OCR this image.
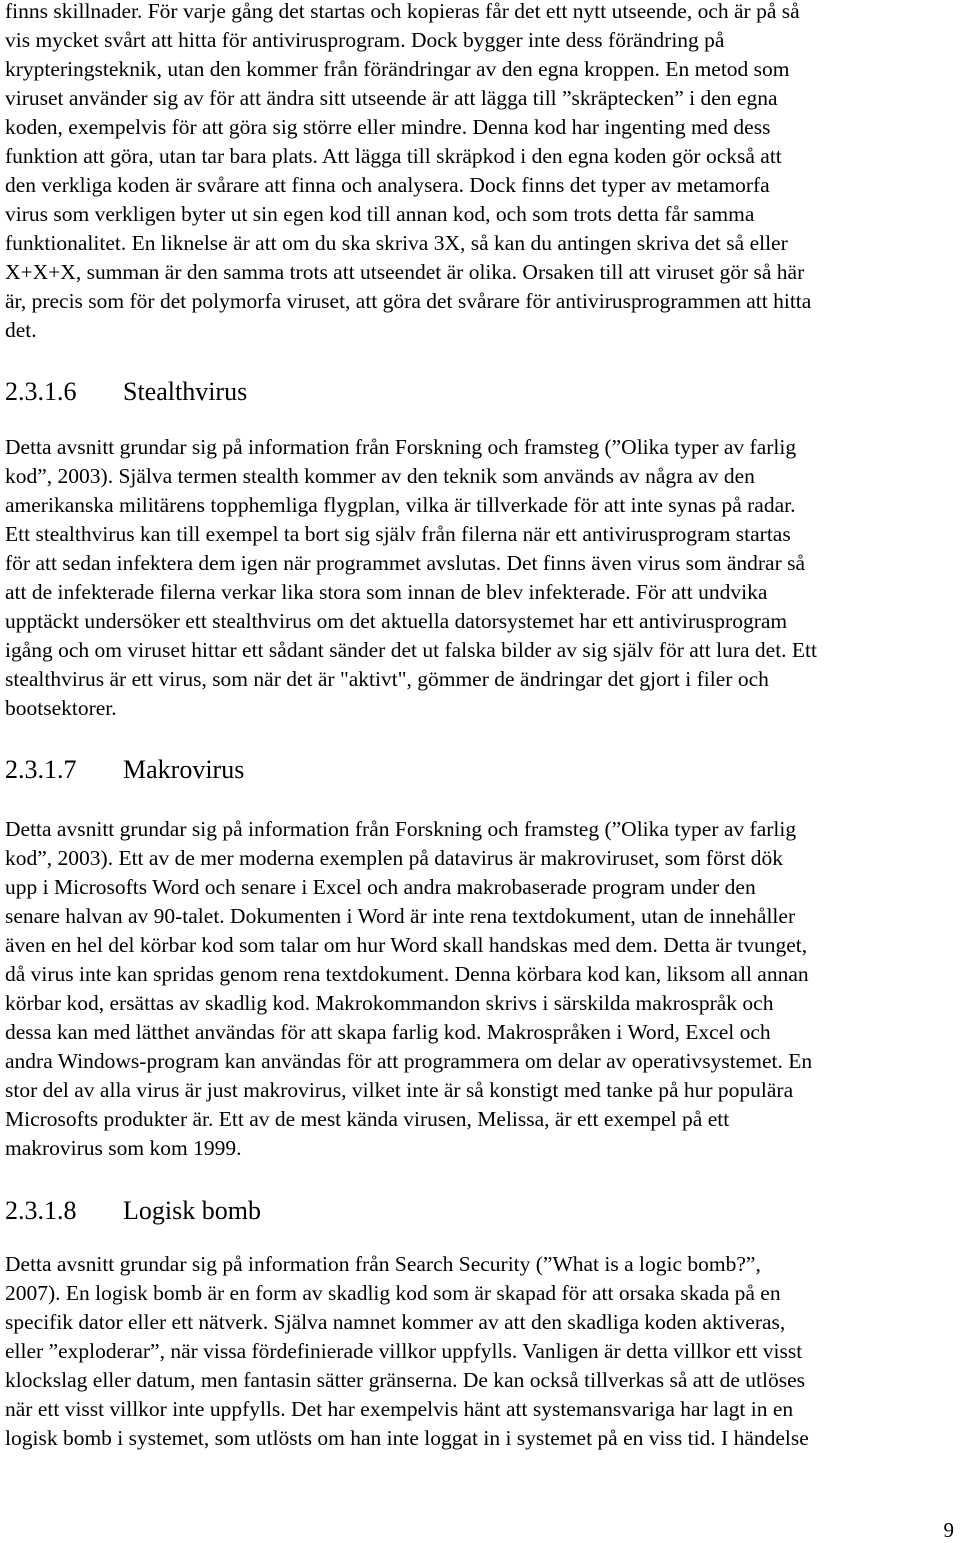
finns skillnader. För varje gång det startas och kopieras får det ett nytt utseende, och är på så
vis mycket svårt att hitta för antivirusprogram. Dock bygger inte dess förändring på
krypteringsteknik, utan den kommer från förändringar av den egna kroppen. En metod som
viruset använder sig av för att ändra sitt utseende är att lägga till ”skräptecken” i den egna
koden, exempelvis för att göra sig större eller mindre. Denna kod har ingenting med dess
funktion att göra, utan tar bara plats. Att lägga till skräpkod i den egna koden gör också att
den verkliga koden är svårare att finna och analysera. Dock finns det typer av metamorfa
virus som verkligen byter ut sin egen kod till annan kod, och som trots detta får samma
funktionalitet. En liknelse är att om du ska skriva 3X, så kan du antingen skriva det så eller
X+X+X, summan är den samma trots att utseendet är olika. Orsaken till att viruset gör så här
är, precis som för det polymorfa viruset, att göra det svårare för antivirusprogrammen att hitta
det.
2.3.1.6 Stealthvirus
Detta avsnitt grundar sig på information från Forskning och framsteg (”Olika typer av farlig
kod”, 2003). Själva termen stealth kommer av den teknik som används av några av den
amerikanska militärens topphemliga flygplan, vilka är tillverkade för att inte synas på radar.
Ett stealthvirus kan till exempel ta bort sig själv från filerna när ett antivirusprogram startas
för att sedan infektera dem igen när programmet avslutas. Det finns även virus som ändrar så
att de infekterade filerna verkar lika stora som innan de blev infekterade. För att undvika
upptäckt undersöker ett stealthvirus om det aktuella datorsystemet har ett antivirusprogram
igång och om viruset hittar ett sådant sänder det ut falska bilder av sig själv för att lura det. Ett
stealthvirus är ett virus, som när det är "aktivt", gömmer de ändringar det gjort i filer och
bootsektorer.
2.3.1.7 Makrovirus
Detta avsnitt grundar sig på information från Forskning och framsteg (”Olika typer av farlig
kod”, 2003). Ett av de mer moderna exemplen på datavirus är makroviruset, som först dök
upp i Microsofts Word och senare i Excel och andra makrobaserade program under den
senare halvan av 90-talet. Dokumenten i Word är inte rena textdokument, utan de innehåller
även en hel del körbar kod som talar om hur Word skall handskas med dem. Detta är tvunget,
då virus inte kan spridas genom rena textdokument. Denna körbara kod kan, liksom all annan
körbar kod, ersättas av skadlig kod. Makrokommandon skrivs i särskilda makrospråk och
dessa kan med lätthet användas för att skapa farlig kod. Makrospråken i Word, Excel och
andra Windows-program kan användas för att programmera om delar av operativsystemet. En
stor del av alla virus är just makrovirus, vilket inte är så konstigt med tanke på hur populära
Microsofts produkter är. Ett av de mest kända virusen, Melissa, är ett exempel på ett
makrovirus som kom 1999.
2.3.1.8 Logisk bomb
Detta avsnitt grundar sig på information från Search Security (”What is a logic bomb?”,
2007). En logisk bomb är en form av skadlig kod som är skapad för att orsaka skada på en
specifik dator eller ett nätverk. Själva namnet kommer av att den skadliga koden aktiveras,
eller ”exploderar”, när vissa fördefinierade villkor uppfylls. Vanligen är detta villkor ett visst
klockslag eller datum, men fantasin sätter gränserna. De kan också tillverkas så att de utlöses
när ett visst villkor inte uppfylls. Det har exempelvis hänt att systemansvariga har lagt in en
logisk bomb i systemet, som utlösts om han inte loggat in i systemet på en viss tid. I händelse
9
